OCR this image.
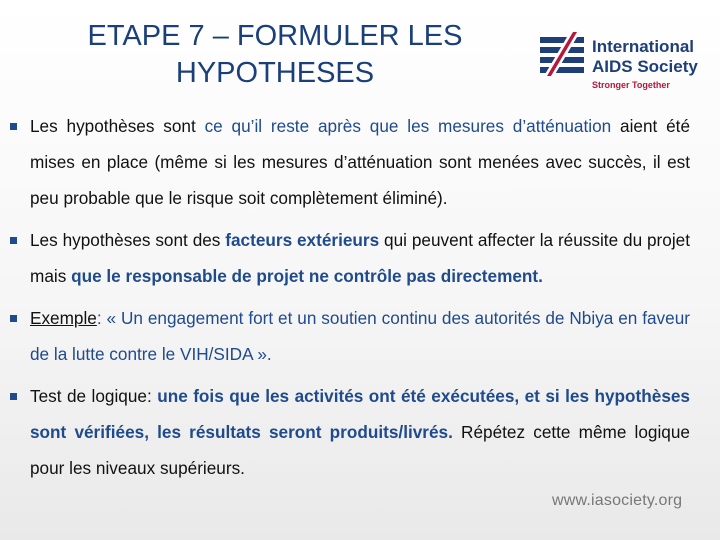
ETAPE 7 – FORMULER LES
HYPOTHESES
International
AIDS Society
Stronger Together

Les hypothèses sont ce qu’il reste après que les mesures d’atténuation aient été mises en place (même si les mesures d’atténuation sont menées avec succès, il est peu probable que le risque soit complètement éliminé).

Les hypothèses sont des facteurs extérieurs qui peuvent affecter la réussite du projet mais que le responsable de projet ne contrôle pas directement.

Exemple: « Un engagement fort et un soutien continu des autorités de Nbiya en faveur de la lutte contre le VIH/SIDA ».

Test de logique: une fois que les activités ont été exécutées, et si les hypothèses sont vérifiées, les résultats seront produits/livrés. Répétez cette même logique pour les niveaux supérieurs.

www.iasociety.org
